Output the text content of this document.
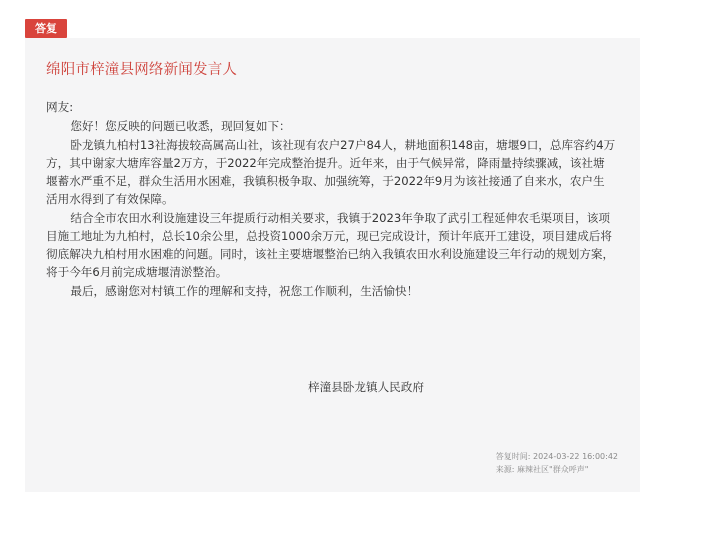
答复
绵阳市梓潼县网络新闻发言人

网友:

您好！您反映的问题已收悉，现回复如下：

卧龙镇九柏村13社海拔较高属高山社，该社现有农户27户84人，耕地面积148亩，塘堰9口，总库容约4万方，其中谢家大塘库容量2万方，于2022年完成整治提升。近年来，由于气候异常，降雨量持续骤减，该社塘堰蓄水严重不足，群众生活用水困难，我镇积极争取、加强统筹，于2022年9月为该社接通了自来水，农户生活用水得到了有效保障。

结合全市农田水利设施建设三年提质行动相关要求，我镇于2023年争取了武引工程延伸农毛渠项目，该项目施工地址为九柏村，总长10余公里，总投资1000余万元，现已完成设计，预计年底开工建设，项目建成后将彻底解决九柏村用水困难的问题。同时，该社主要塘堰整治已纳入我镇农田水利设施建设三年行动的规划方案，将于今年6月前完成塘堰清淤整治。

最后，感谢您对村镇工作的理解和支持，祝您工作顺利，生活愉快！

梓潼县卧龙镇人民政府
答复时间: 2024-03-22 16:00:42
来源: 麻辣社区"群众呼声"
